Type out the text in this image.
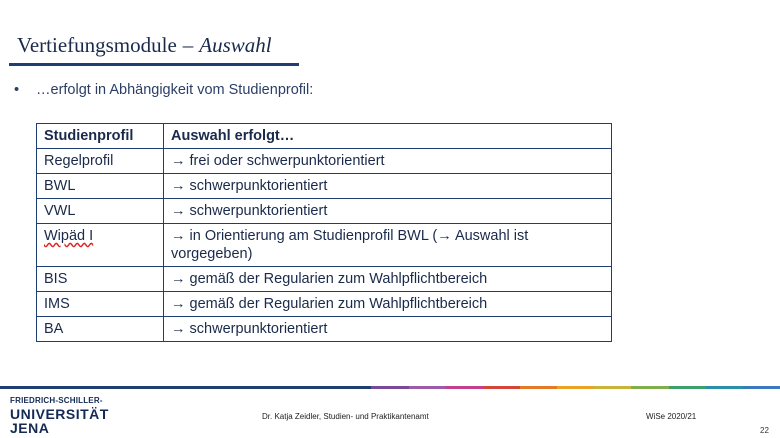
Vertiefungsmodule – Auswahl
• …erfolgt in Abhängigkeit vom Studienprofil:
Studienprofil	Auswahl erfolgt…
Regelprofil	→ frei oder schwerpunktorientiert
BWL	→ schwerpunktorientiert
VWL	→ schwerpunktorientiert
Wipäd I	→ in Orientierung am Studienprofil BWL (→ Auswahl ist vorgegeben)
BIS	→ gemäß der Regularien zum Wahlpflichtbereich
IMS	→ gemäß der Regularien zum Wahlpflichtbereich
BA	→ schwerpunktorientiert
FRIEDRICH-SCHILLER-
UNIVERSITÄT
JENA
Dr. Katja Zeidler, Studien- und Praktikantenamt	WiSe 2020/21
22
